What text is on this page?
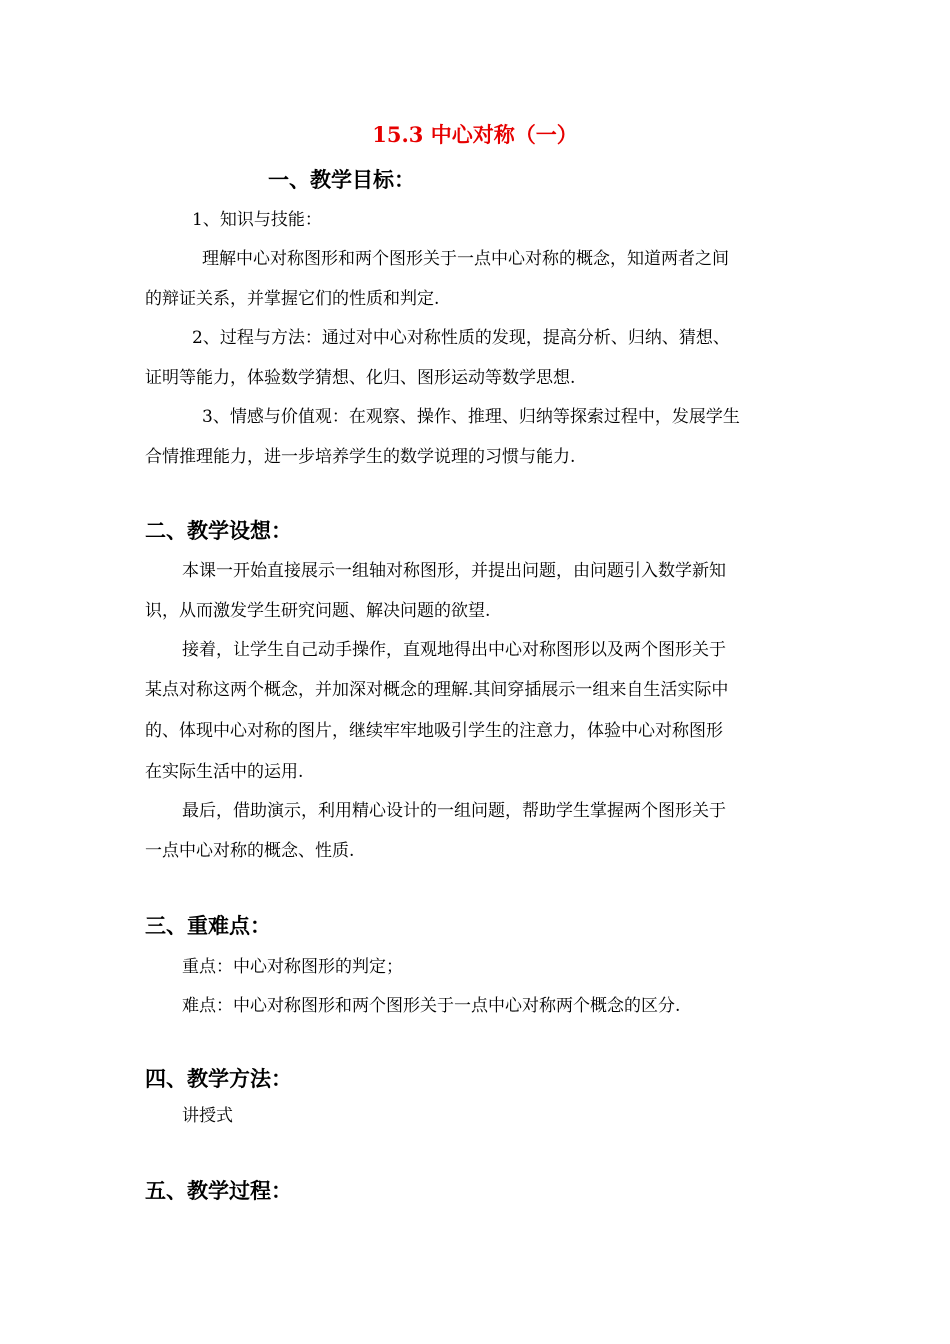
15.3 中心对称（一）
一、教学目标：
1、知识与技能：
理解中心对称图形和两个图形关于一点中心对称的概念，知道两者之间
的辩证关系，并掌握它们的性质和判定.
2、过程与方法：通过对中心对称性质的发现，提高分析、归纳、猜想、
证明等能力，体验数学猜想、化归、图形运动等数学思想.
3、情感与价值观：在观察、操作、推理、归纳等探索过程中，发展学生
合情推理能力，进一步培养学生的数学说理的习惯与能力.
二、教学设想：
本课一开始直接展示一组轴对称图形，并提出问题，由问题引入数学新知
识，从而激发学生研究问题、解决问题的欲望.
接着，让学生自己动手操作，直观地得出中心对称图形以及两个图形关于
某点对称这两个概念，并加深对概念的理解.其间穿插展示一组来自生活实际中
的、体现中心对称的图片，继续牢牢地吸引学生的注意力，体验中心对称图形
在实际生活中的运用.
最后，借助演示，利用精心设计的一组问题，帮助学生掌握两个图形关于
一点中心对称的概念、性质.
三、重难点：
重点：中心对称图形的判定；
难点：中心对称图形和两个图形关于一点中心对称两个概念的区分.
四、教学方法：
讲授式
五、教学过程：
